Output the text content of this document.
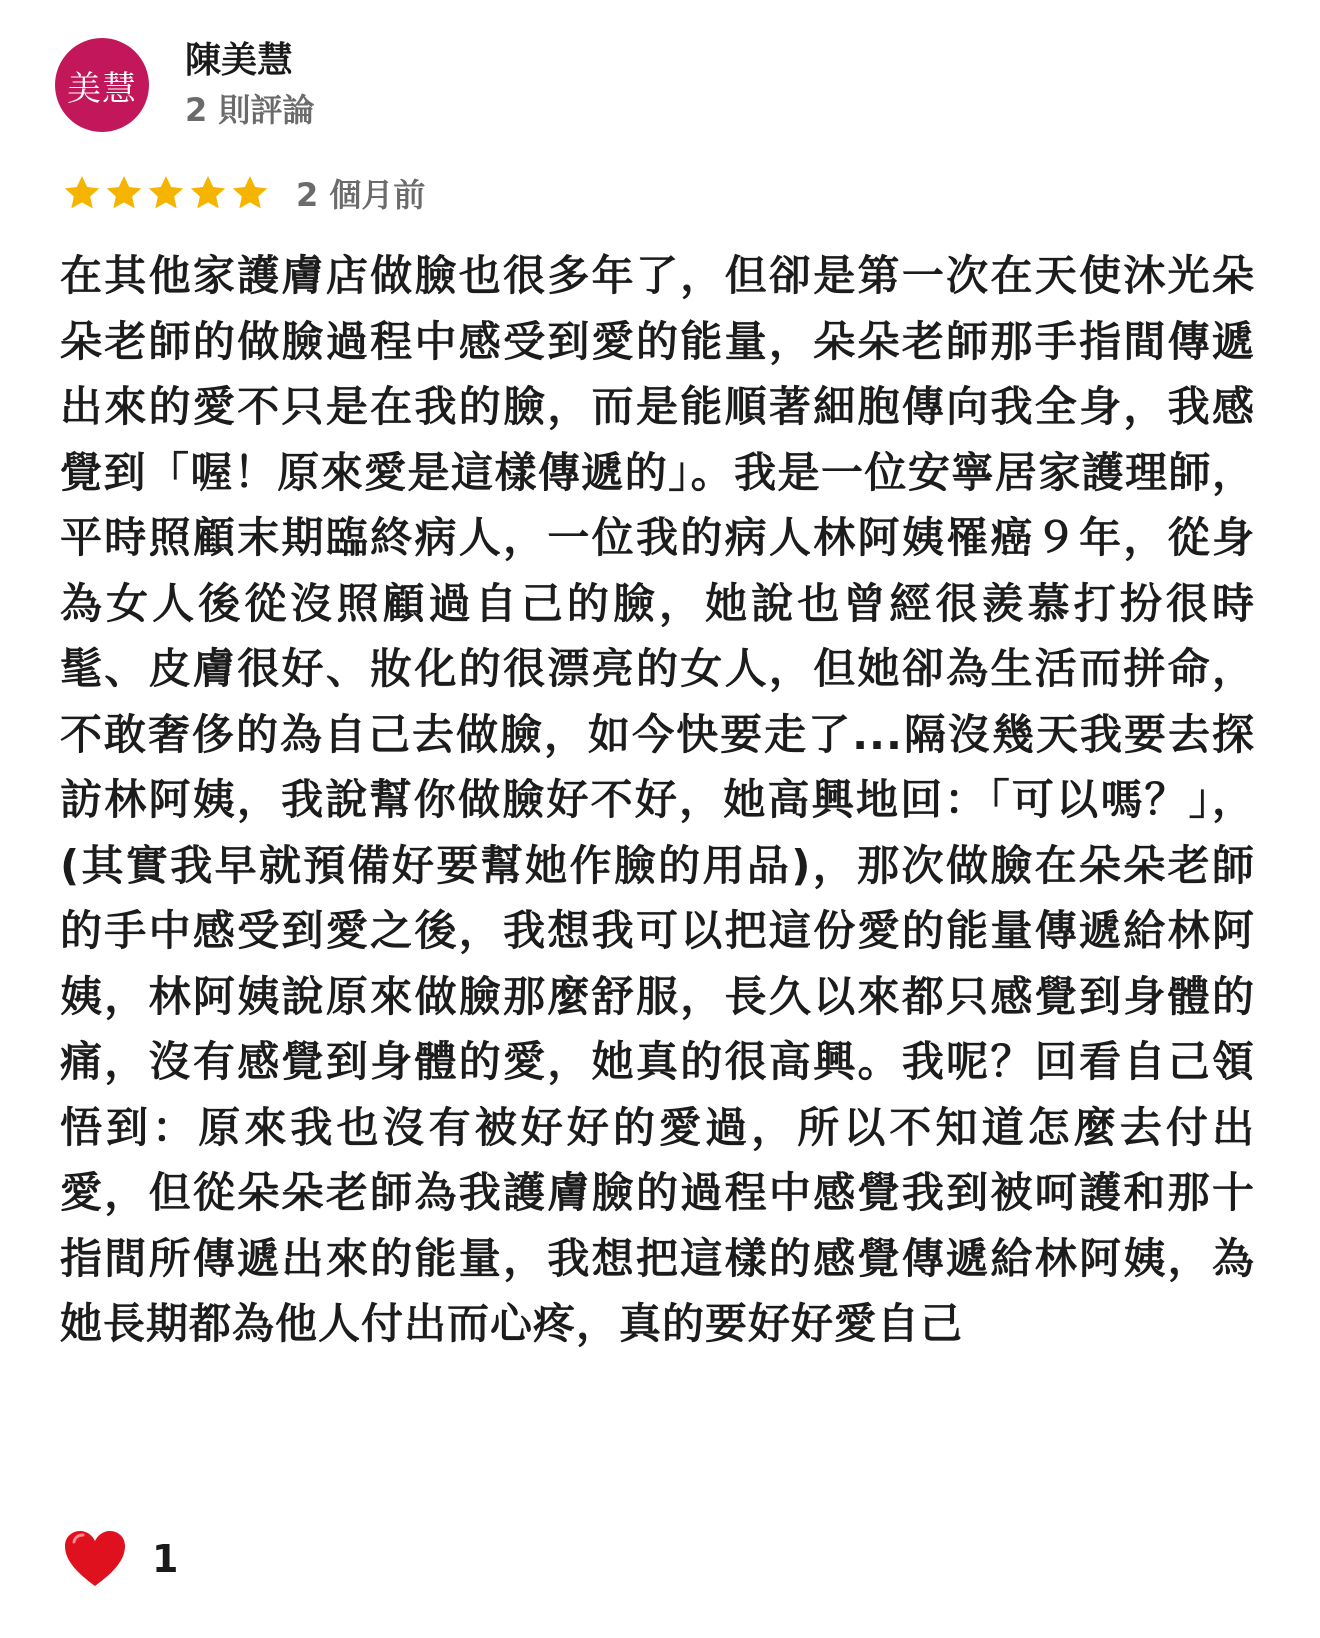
美慧
陳美慧
2 則評論
2 個月前
在其他家護膚店做臉也很多年了，但卻是第一次在天使沐光朵朵老師的做臉過程中感受到愛的能量，朵朵老師那手指間傳遞出來的愛不只是在我的臉，而是能順著細胞傳向我全身，我感覺到「喔！原來愛是這樣傳遞的」。我是一位安寧居家護理師，平時照顧末期臨終病人，一位我的病人林阿姨罹癌９年，從身為女人後從沒照顧過自己的臉，她說也曾經很羨慕打扮很時髦、皮膚很好、妝化的很漂亮的女人，但她卻為生活而拼命，不敢奢侈的為自己去做臉，如今快要走了...隔沒幾天我要去探訪林阿姨，我說幫你做臉好不好，她高興地回：「可以嗎？」， (其實我早就預備好要幫她作臉的用品)，那次做臉在朵朵老師的手中感受到愛之後，我想我可以把這份愛的能量傳遞給林阿姨，林阿姨說原來做臉那麼舒服，長久以來都只感覺到身體的痛，沒有感覺到身體的愛，她真的很高興。我呢？回看自己領悟到：原來我也沒有被好好的愛過，所以不知道怎麼去付出愛，但從朵朵老師為我護膚臉的過程中感覺我到被呵護和那十指間所傳遞出來的能量，我想把這樣的感覺傳遞給林阿姨，為她長期都為他人付出而心疼，真的要好好愛自己
1
